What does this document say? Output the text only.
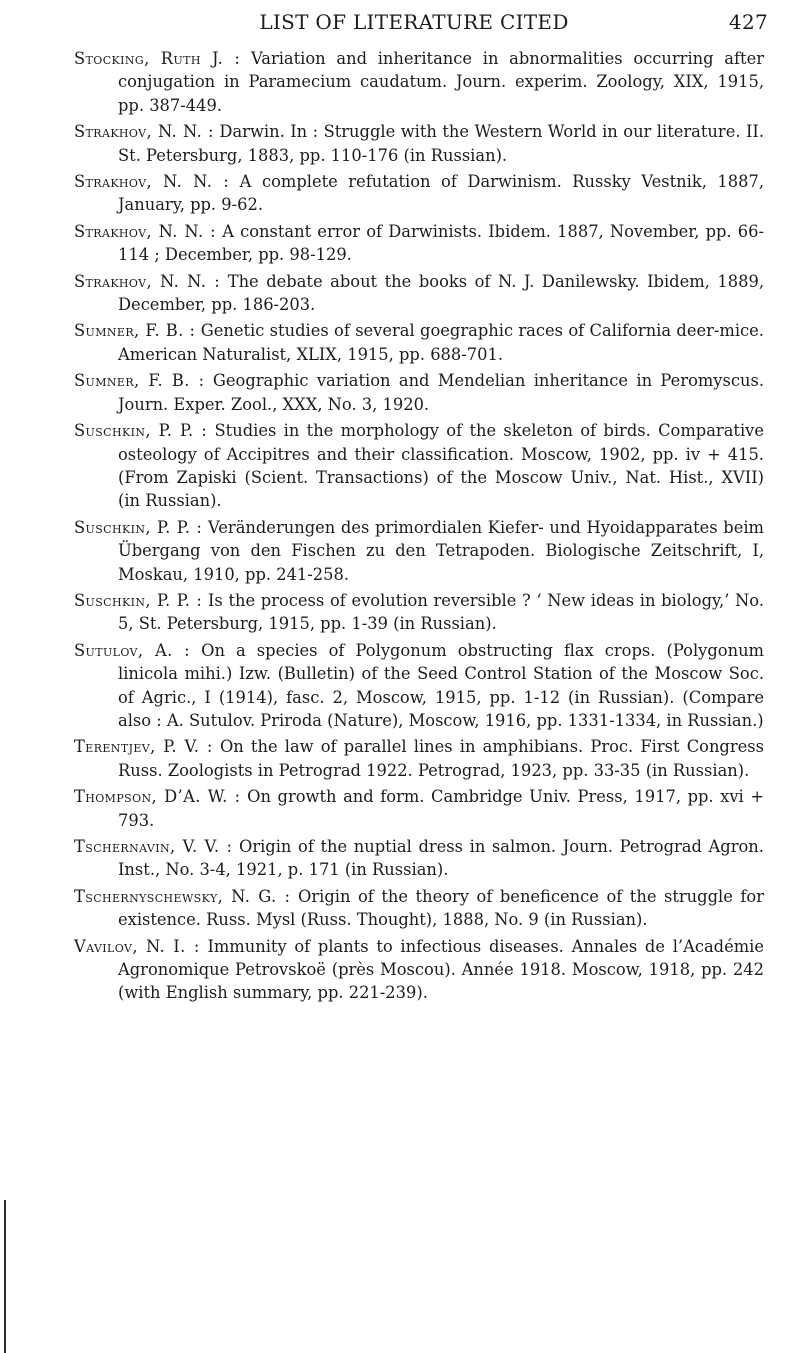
LIST OF LITERATURE CITED	427

Stocking, Ruth J. : Variation and inheritance in abnormalities occurring after conjugation in Paramecium caudatum. Journ. experim. Zoology, XIX, 1915, pp. 387-449.

Strakhov, N. N. : Darwin. In : Struggle with the Western World in our literature. II. St. Petersburg, 1883, pp. 110-176 (in Russian).

Strakhov, N. N. : A complete refutation of Darwinism. Russky Vestnik, 1887, January, pp. 9-62.

Strakhov, N. N. : A constant error of Darwinists. Ibidem. 1887, November, pp. 66-114 ; December, pp. 98-129.

Strakhov, N. N. : The debate about the books of N. J. Danilewsky. Ibidem, 1889, December, pp. 186-203.

Sumner, F. B. : Genetic studies of several goegraphic races of California deer-mice. American Naturalist, XLIX, 1915, pp. 688-701.

Sumner, F. B. : Geographic variation and Mendelian inheritance in Peromyscus. Journ. Exper. Zool., XXX, No. 3, 1920.

Suschkin, P. P. : Studies in the morphology of the skeleton of birds. Comparative osteology of Accipitres and their classification. Moscow, 1902, pp. iv + 415. (From Zapiski (Scient. Transactions) of the Moscow Univ., Nat. Hist., XVII) (in Russian).

Suschkin, P. P. : Veränderungen des primordialen Kiefer- und Hyoidapparates beim Übergang von den Fischen zu den Tetrapoden. Biologische Zeitschrift, I, Moskau, 1910, pp. 241-258.

Suschkin, P. P. : Is the process of evolution reversible ? ‘ New ideas in biology,’ No. 5, St. Petersburg, 1915, pp. 1-39 (in Russian).

Sutulov, A. : On a species of Polygonum obstructing flax crops. (Polygonum linicola mihi.) Izw. (Bulletin) of the Seed Control Station of the Moscow Soc. of Agric., I (1914), fasc. 2, Moscow, 1915, pp. 1-12 (in Russian). (Compare also : A. Sutulov. Priroda (Nature), Moscow, 1916, pp. 1331-1334, in Russian.)

Terentjev, P. V. : On the law of parallel lines in amphibians. Proc. First Congress Russ. Zoologists in Petrograd 1922. Petrograd, 1923, pp. 33-35 (in Russian).

Thompson, D’A. W. : On growth and form. Cambridge Univ. Press, 1917, pp. xvi + 793.

Tschernavin, V. V. : Origin of the nuptial dress in salmon. Journ. Petrograd Agron. Inst., No. 3-4, 1921, p. 171 (in Russian).

Tschernyschewsky, N. G. : Origin of the theory of beneficence of the struggle for existence. Russ. Mysl (Russ. Thought), 1888, No. 9 (in Russian).

Vavilov, N. I. : Immunity of plants to infectious diseases. Annales de l’Académie Agronomique Petrovskoë (près Moscou). Année 1918. Moscow, 1918, pp. 242 (with English summary, pp. 221-239).
